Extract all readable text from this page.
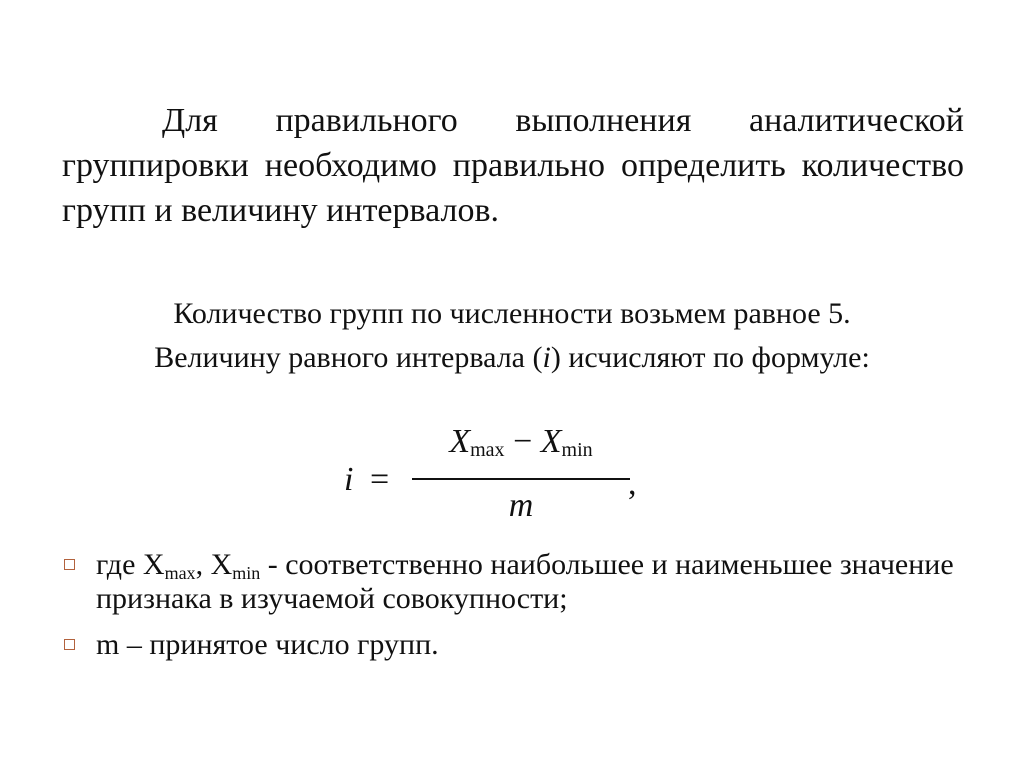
Для правильного выполнения аналитической группировки необходимо правильно определить количество групп и величину интервалов.

Количество групп по численности возьмем равное 5.

Величину равного интервала (i) исчисляют по формуле:

i =
$X_{max} - X_{min}$
m
,
где $X_{max}$, $X_{min}$ - соответственно наибольшее и наименьшее значение признака в изучаемой совокупности;
m – принятое число групп.
